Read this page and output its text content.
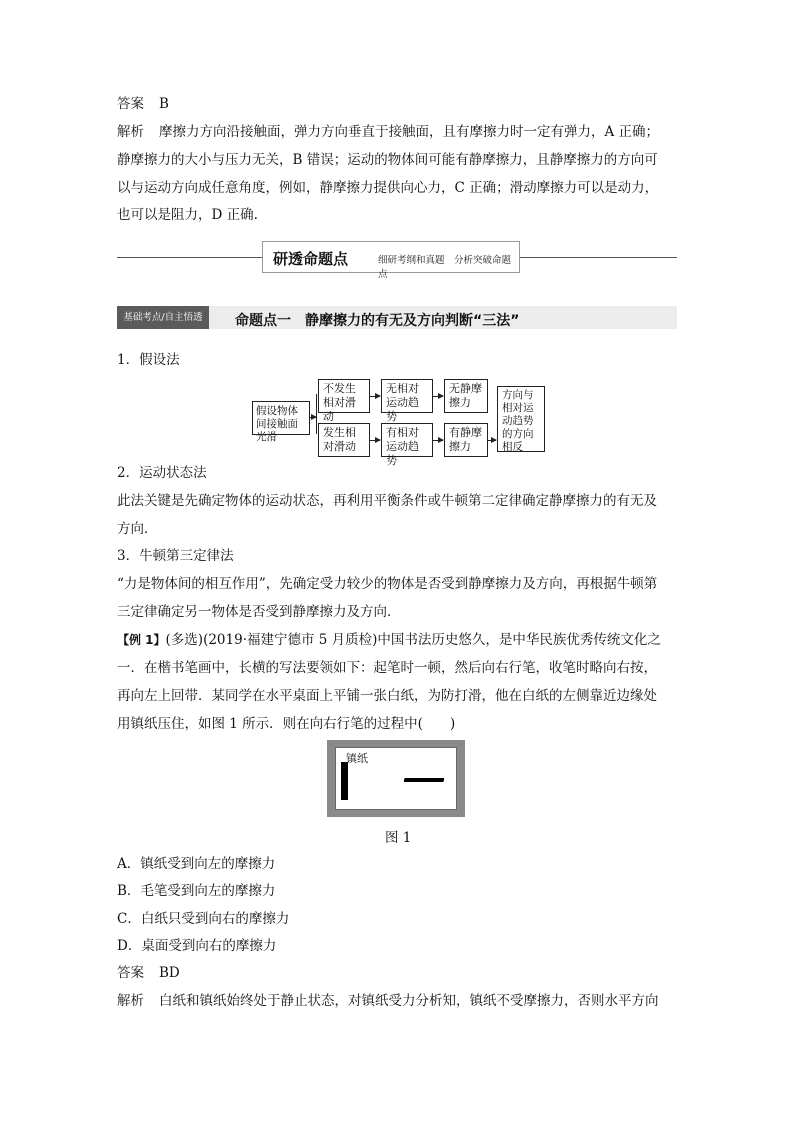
答案 B
解析 摩擦力方向沿接触面，弹力方向垂直于接触面，且有摩擦力时一定有弹力，A 正确；
静摩擦力的大小与压力无关，B 错误；运动的物体间可能有静摩擦力，且静摩擦力的方向可
以与运动方向成任意角度，例如，静摩擦力提供向心力，C 正确；滑动摩擦力可以是动力，
也可以是阻力，D 正确.
研透命题点	细研考纲和真题　分析突破命题点
基础考点∕自主悟透	命题点一　静摩擦力的有无及方向判断“三法”
1．假设法
假设物体间接触面光滑
不发生相对滑动
无相对运动趋势
无静摩擦力
发生相对滑动
有相对运动趋势
有静摩擦力
方向与相对运动趋势的方向相反
2．运动状态法
此法关键是先确定物体的运动状态，再利用平衡条件或牛顿第二定律确定静摩擦力的有无及
方向．
3．牛顿第三定律法
“力是物体间的相互作用”，先确定受力较少的物体是否受到静摩擦力及方向，再根据牛顿第
三定律确定另一物体是否受到静摩擦力及方向．
【例 1】(多选)(2019·福建宁德市 5 月质检)中国书法历史悠久，是中华民族优秀传统文化之
一．在楷书笔画中，长横的写法要领如下：起笔时一顿，然后向右行笔，收笔时略向右按，
再向左上回带．某同学在水平桌面上平铺一张白纸，为防打滑，他在白纸的左侧靠近边缘处
用镇纸压住，如图 1 所示．则在向右行笔的过程中(　　)
镇纸
图 1
A．镇纸受到向左的摩擦力
B．毛笔受到向左的摩擦力
C．白纸只受到向右的摩擦力
D．桌面受到向右的摩擦力
答案 BD
解析 白纸和镇纸始终处于静止状态，对镇纸受力分析知，镇纸不受摩擦力，否则水平方向
